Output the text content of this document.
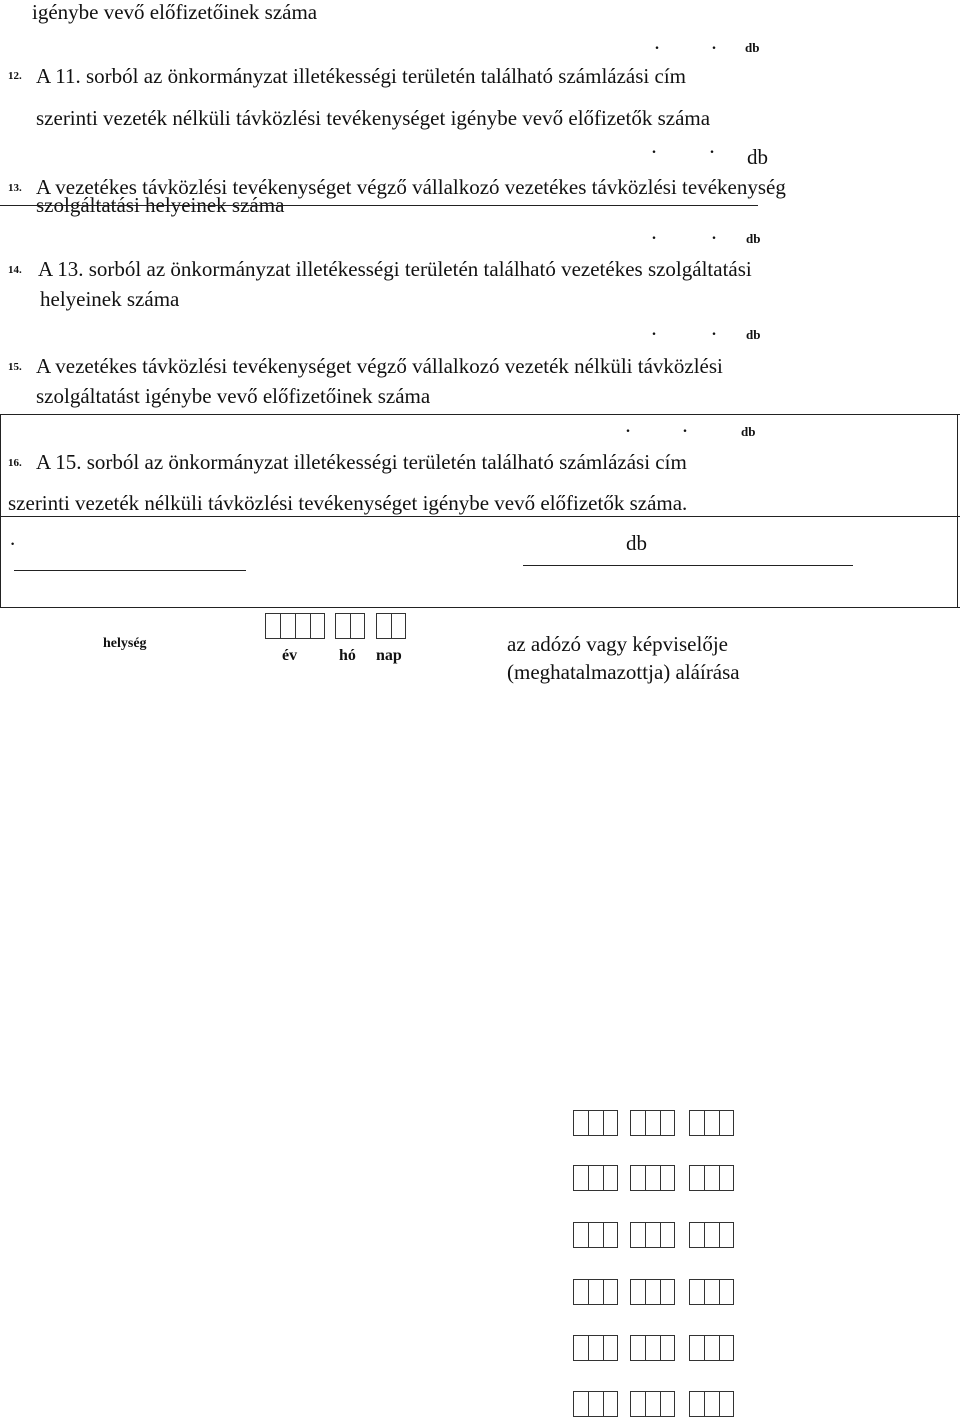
igénybe vevő előfizetőinek száma
.	. db
12. A 11. sorból az önkormányzat illetékességi területén található számlázási cím
szerinti vezeték nélküli távközlési tevékenységet igénybe vevő előfizetők száma
.	. db
13. A vezetékes távközlési tevékenységet végző vállalkozó vezetékes távközlési tevékenység
szolgáltatási helyeinek száma
.	. db
14. A 13. sorból az önkormányzat illetékességi területén található vezetékes szolgáltatási
helyeinek száma
.	. db
15. A vezetékes távközlési tevékenységet végző vállalkozó vezeték nélküli távközlési
szolgáltatást igénybe vevő előfizetőinek száma
.	.	db
16. A 15. sorból az önkormányzat illetékességi területén található számlázási cím
szerinti vezeték nélküli távközlési tevékenységet igénybe vevő előfizetők száma.
.	db
helység
év	hó nap	az adózó vagy képviselője
(meghatalmazottja) aláírása
